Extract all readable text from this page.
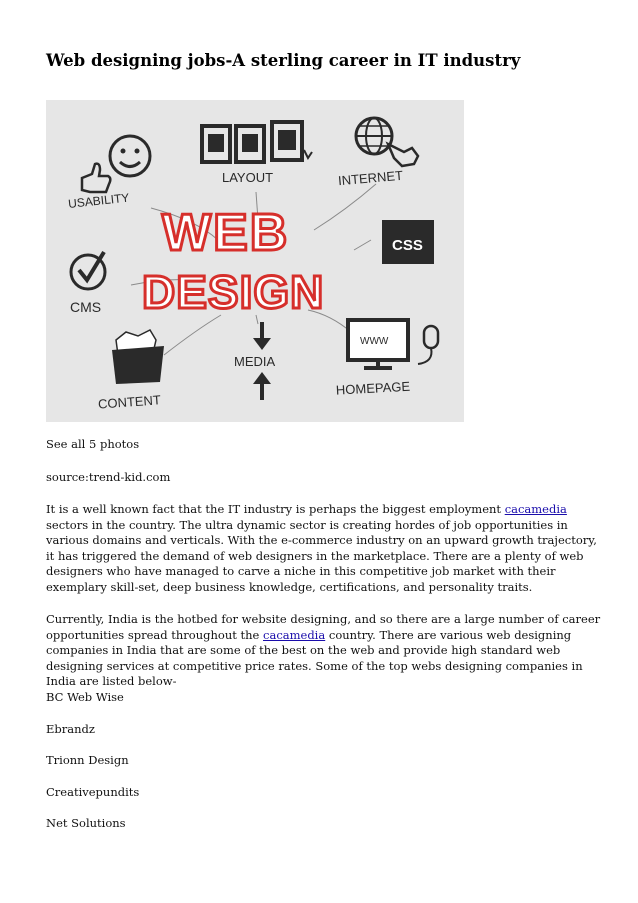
Web designing jobs-A sterling career in IT industry
USABILITY
LAYOUT	INTERNET
CSS
CMS
WEB
DESIGN
WWW
HOMEPAGE
MEDIA
CONTENT

See all 5 photos

source:trend-kid.com

It is a well known fact that the IT industry is perhaps the biggest employment cacamedia sectors in the country. The ultra dynamic sector is creating hordes of job opportunities in various domains and verticals. With the e-commerce industry on an upward growth trajectory, it has triggered the demand of web designers in the marketplace. There are a plenty of web designers who have managed to carve a niche in this competitive job market with their exemplary skill-set, deep business knowledge, certifications, and personality traits.

Currently, India is the hotbed for website designing, and so there are a large number of career opportunities spread throughout the cacamedia country. There are various web designing companies in India that are some of the best on the web and provide high standard web designing services at competitive price rates. Some of the top webs designing companies in India are listed below-

BC Web Wise

Ebrandz

Trionn Design

Creativepundits

Net Solutions
